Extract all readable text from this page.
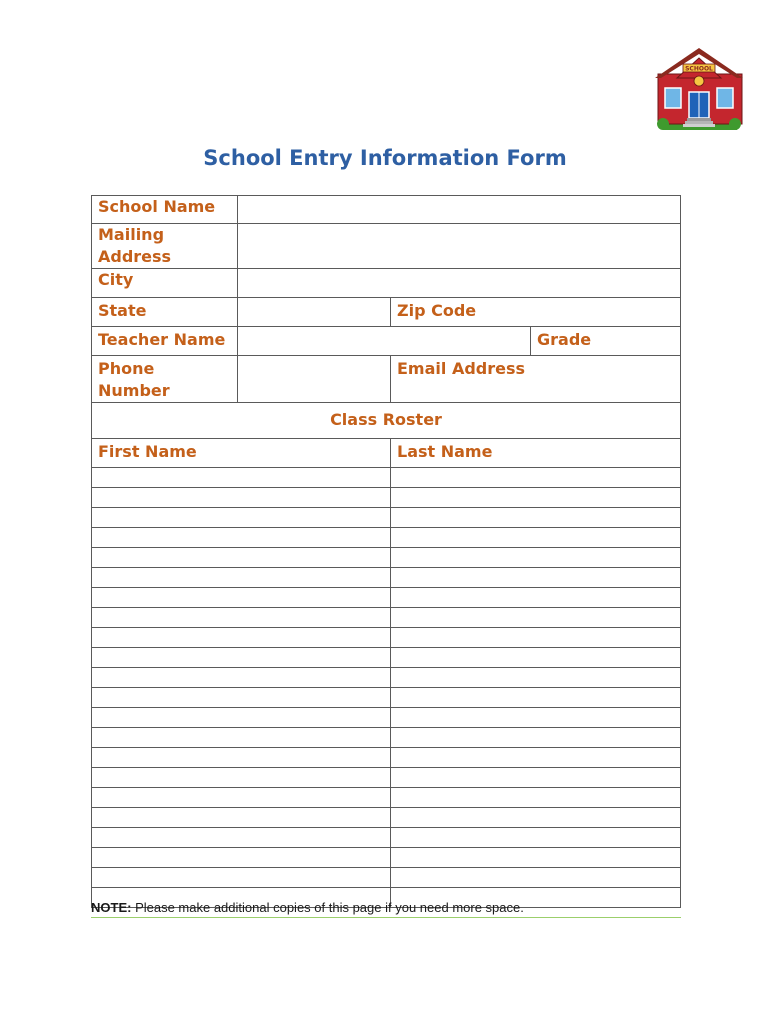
SCHOOL
School Entry Information Form
School Name			
Mailing Address			
City			
State		Zip Code	
Teacher Name			Grade
Phone Number		Email Address	
Class Roster			
First Name		Last Name	

NOTE: Please make additional copies of this page if you need more space.
